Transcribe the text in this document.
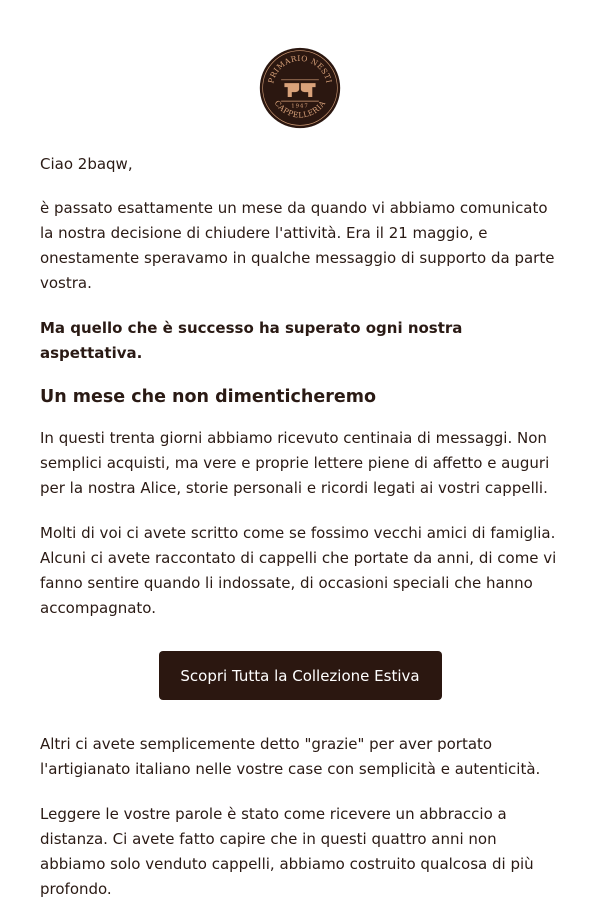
PRIMARIO NESTI
CAPPELLERIA
1947

Ciao 2baqw,

è passato esattamente un mese da quando vi abbiamo comunicato la nostra decisione di chiudere l'attività. Era il 21 maggio, e onestamente speravamo in qualche messaggio di supporto da parte vostra.

Ma quello che è successo ha superato ogni nostra aspettativa.

Un mese che non dimenticheremo

In questi trenta giorni abbiamo ricevuto centinaia di messaggi. Non semplici acquisti, ma vere e proprie lettere piene di affetto e auguri per la nostra Alice, storie personali e ricordi legati ai vostri cappelli.

Molti di voi ci avete scritto come se fossimo vecchi amici di famiglia. Alcuni ci avete raccontato di cappelli che portate da anni, di come vi fanno sentire quando li indossate, di occasioni speciali che hanno accompagnato.

Scopri Tutta la Collezione Estiva

Altri ci avete semplicemente detto "grazie" per aver portato l'artigianato italiano nelle vostre case con semplicità e autenticità.

Leggere le vostre parole è stato come ricevere un abbraccio a distanza. Ci avete fatto capire che in questi quattro anni non abbiamo solo venduto cappelli, abbiamo costruito qualcosa di più profondo.
